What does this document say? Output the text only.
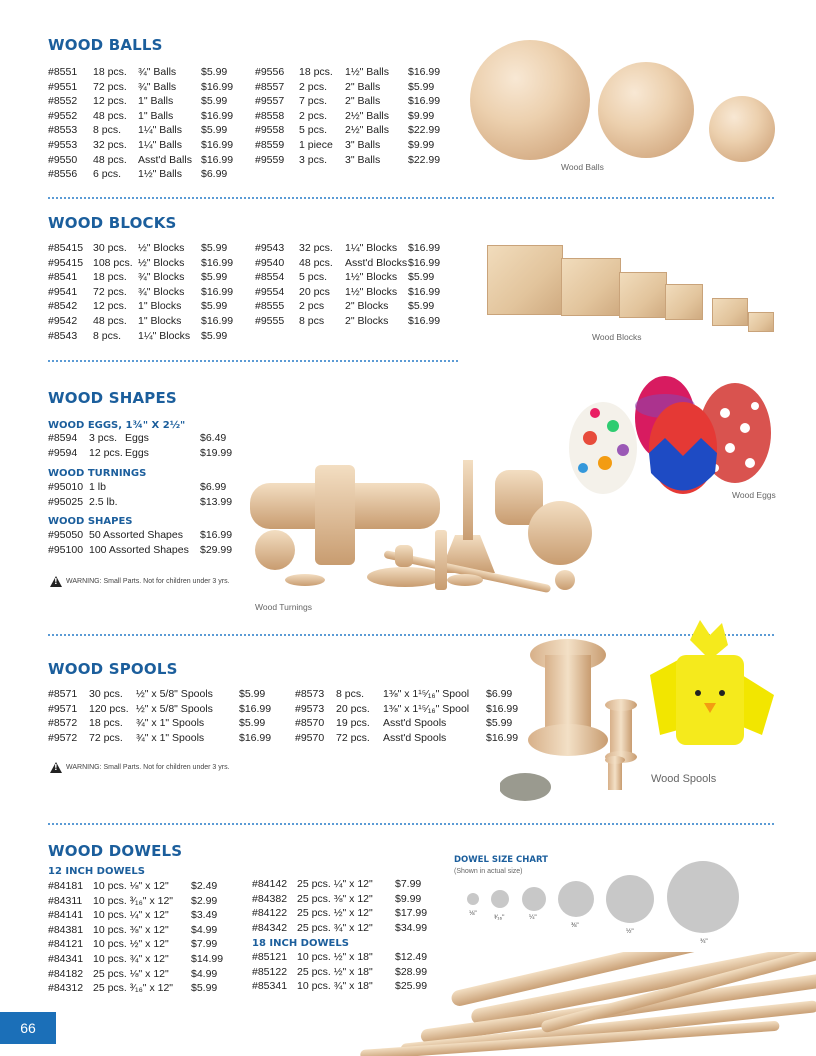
WOOD BALLS
#8551 18 pcs. ¾" Balls $5.99
#9551 72 pcs. ¾" Balls $16.99
#8552 12 pcs. 1" Balls	$5.99
#9552 48 pcs. 1" Balls	$16.99
#8553 8 pcs. 1¼" Balls $5.99
#9553 32 pcs. 1¼" Balls $16.99
#9550 48 pcs. Asst'd Balls $16.99
#8556 6 pcs. 1½" Balls $6.99
#9556 18 pcs. 1½" Balls $16.99
#8557 2 pcs. 2" Balls	$5.99
#9557 7 pcs. 2" Balls	$16.99
#8558 2 pcs. 2½" Balls $9.99
#9558 5 pcs. 2½" Balls $22.99
#8559 1 piece 3" Balls	$9.99
#9559 3 pcs. 3" Balls	$22.99
Wood Balls
WOOD BLOCKS
#85415 30 pcs. ½" Blocks $5.99
#95415 108 pcs. ½" Blocks $16.99
#8541 18 pcs. ¾" Blocks $5.99
#9541 72 pcs. ¾" Blocks $16.99
#8542 12 pcs. 1" Blocks $5.99
#9542 48 pcs. 1" Blocks $16.99
#8543 8 pcs. 1¼" Blocks $5.99
#9543 32 pcs. 1¼" Blocks $16.99
#9540 48 pcs. Asst'd Blocks $16.99
#8554 5 pcs. 1½" Blocks $5.99
#9554 20 pcs 1½" Blocks $16.99
#8555 2 pcs 2" Blocks $5.99
#9555 8 pcs 2" Blocks $16.99
Wood Blocks
WOOD SHAPES
WOOD EGGS, 1¾" X 2½"
#8594 3 pcs. Eggs	$6.49
#9594 12 pcs. Eggs	$19.99
WOOD TURNINGS
#95010 1 lb	$6.99
#95025 2.5 lb.	$13.99
WOOD SHAPES
#95050 50 Assorted Shapes $16.99
#95100 100 Assorted Shapes $29.99
!
WARNING: Small Parts. Not for children under 3 yrs.
Wood Turnings
Wood Eggs
WOOD SPOOLS
#8571 30 pcs. ½" x 5/8" Spools $5.99
#9571 120 pcs. ½" x 5/8" Spools $16.99
#8572 18 pcs. ¾" x 1" Spools	$5.99
#9572 72 pcs. ¾" x 1" Spools	$16.99
#8573 8 pcs. 1⅜" x 1¹⁵⁄₁₆" Spool $6.99
#9573 20 pcs. 1⅜" x 1¹⁵⁄₁₆" Spool $16.99
#8570 19 pcs. Asst'd Spools	$5.99
#9570 72 pcs. Asst'd Spools	$16.99
!
WARNING: Small Parts. Not for children under 3 yrs.
Wood Spools
WOOD DOWELS
12 INCH DOWELS
#84181 10 pcs. ⅛" x 12" $2.49
#84311 10 pcs. ³⁄₁₆" x 12" $2.99
#84141 10 pcs. ¼" x 12" $3.49
#84381 10 pcs. ⅜" x 12" $4.99
#84121 10 pcs. ½" x 12" $7.99
#84341 10 pcs. ¾" x 12" $14.99
#84182 25 pcs. ⅛" x 12" $4.99
#84312 25 pcs. ³⁄₁₆" x 12" $5.99
#84142 25 pcs. ¼" x 12" $7.99
#84382 25 pcs. ⅜" x 12" $9.99
#84122 25 pcs. ½" x 12" $17.99
#84342 25 pcs. ¾" x 12" $34.99
18 INCH DOWELS
#85121 10 pcs. ½" x 18" $12.49
#85122 25 pcs. ½" x 18" $28.99
#85341 10 pcs. ¾" x 18" $25.99
DOWEL SIZE CHART
(Shown in actual size)
⅛"
³⁄₁₆"	¼"
⅜"
½"
¾"
66
